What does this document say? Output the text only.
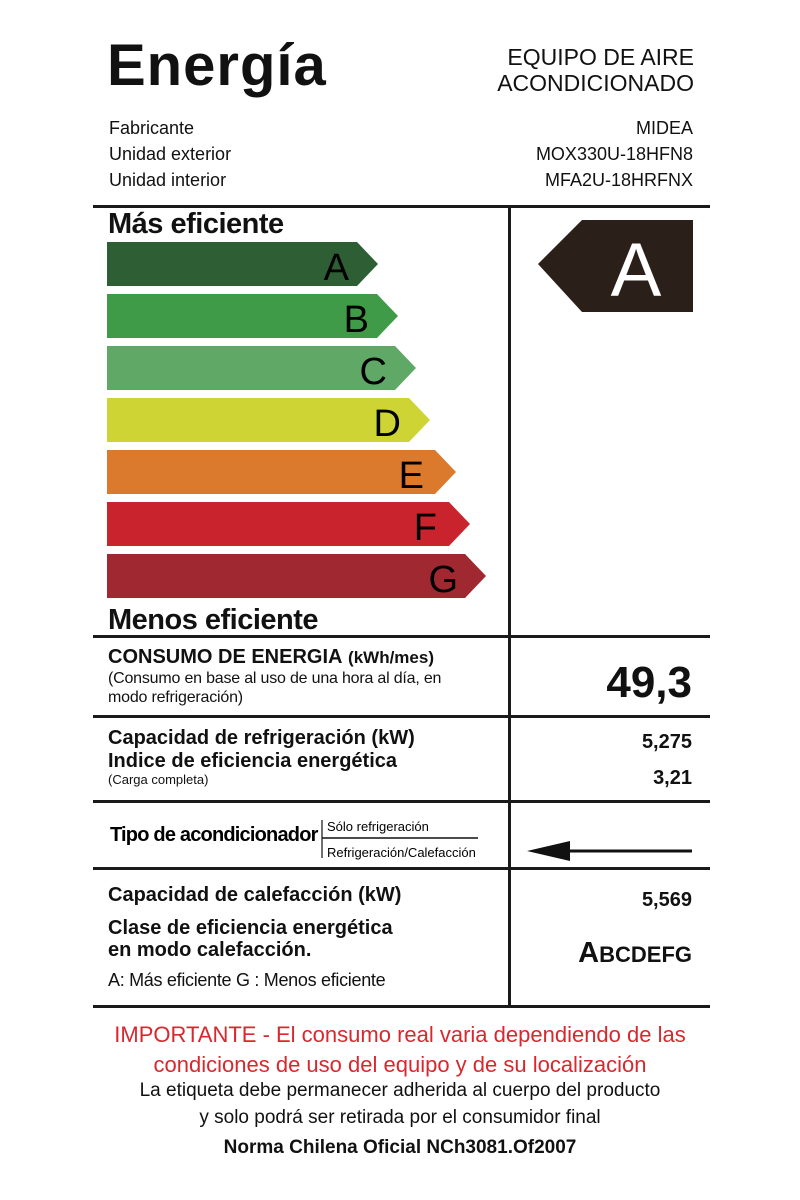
Energía	EQUIPO DE AIRE
ACONDICIONADO
Fabricante	MIDEA
Unidad exterior	MOX330U-18HFN8
Unidad interior	MFA2U-18HRFNX
Más eficiente
Menos eficiente
A
B
C
D
E
F
G
A
Tipo de acondicionador Sólo refrigeración
Refrigeración/Calefacción
CONSUMO DE ENERGIA (kWh/mes)
(Consumo en base al uso de una hora al día, en
modo refrigeración)	49,3
Capacidad de refrigeración (kW)	5,275
Indice de eficiencia energética
(Carga completa)	3,21
Capacidad de calefacción (kW)	5,569
Clase de eficiencia energética
en modo calefacción.
A: Más eficiente G : Menos eficiente
ABCDEFG
IMPORTANTE - El consumo real varia dependiendo de las
condiciones de uso del equipo y de su localización
La etiqueta debe permanecer adherida al cuerpo del producto
y solo podrá ser retirada por el consumidor final
Norma Chilena Oficial NCh3081.Of2007
